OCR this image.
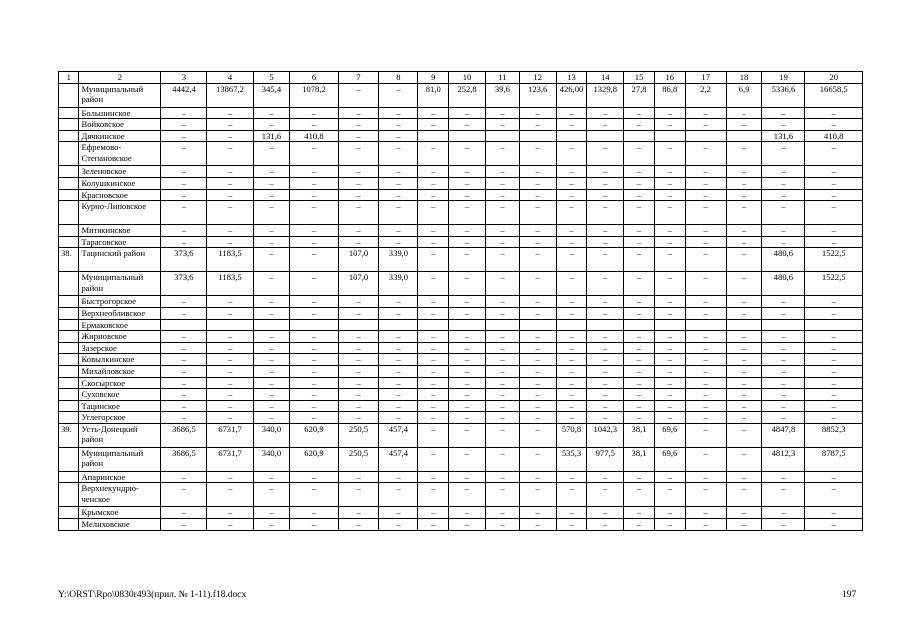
1	2	3	4	5	6	7	8	9	10	11	12	13	14	15	16	17	18	19	20
	Муниципальный район	4442,4	13867,2	345,4	1078,2	–	–	81,0	252,8	39,6	123,6	426,00	1329,8	27,8	86,8	2,2	6,9	5336,6	16658,5
	Большинское	–	–	–	–	–	–	–	–	–	–	–	–	–	–	–	–	–	–
	Войковское	–	–	–	–	–	–	–	–	–	–	–	–	–	–	–	–	–	–
	Дячкинское	–	–	131,6	410,8	–	–											131,6	410,8
	Ефремово-Степановское	–	–	–	–	–	–	–	–	–	–	–	–	–	–	–	–	–	–
	Зеленовское	–	–	–	–	–	–	–	–	–	–	–	–	–	–	–	–	–	–
	Колушкинское	–	–	–	–	–	–	–	–	–	–	–	–	–	–	–	–	–	–
	Красновское	–	–	–	–	–	–	–	–	–	–	–	–	–	–	–	–	–	–
	Курно-Липовское	–	–	–	–	–	–	–	–	–	–	–	–	–	–	–	–	–	–
	Митякинское	–	–	–	–	–	–	–	–	–	–	–	–	–	–	–	–	–	–
	Тарасовское	–	–	–	–	–	–	–	–	–	–	–	–	–	–	–	–	–	–
38.	Тацинский район	373,6	1183,5	–	–	107,0	339,0	–	–	–	–	–	–	–	–	–	–	480,6	1522,5
	Муниципальный район	373,6	1183,5	–	–	107,0	339,0	–	–	–	–	–	–	–	–	–	–	480,6	1522,5
	Быстрогорское	–	–	–	–	–	–	–	–	–	–	–	–	–	–	–	–	–	–
	Верхнеобливское	–	–	–	–	–	–	–	–	–	–	–	–	–	–	–	–	–	–
	Ермаковское																		
	Жирновское	–	–	–	–	–	–	–	–	–	–	–	–	–	–	–	–	–	–
	Зазерское	–	–	–	–	–	–	–	–	–	–	–	–	–	–	–	–	–	–
	Ковылкинское	–	–	–	–	–	–	–	–	–	–	–	–	–	–	–	–	–	–
	Михайловское	–	–	–	–	–	–	–	–	–	–	–	–	–	–	–	–	–	–
	Скосырское	–	–	–	–	–	–	–	–	–	–	–	–	–	–	–	–	–	–
	Суховское	–	–	–	–	–	–	–	–	–	–	–	–	–	–	–	–	–	–
	Тацинское	–	–	–	–	–	–	–	–	–	–	–	–	–	–	–	–	–	–
	Углегорское	–	–	–	–	–	–	–	–	–	–	–	–	–	–	–	–	–	–
39.	Усть-Донецкий район	3686,5	6731,7	340,0	620,9	250,5	457,4	–	–	–	–	570,8	1042,3	38,1	69,6	–	–	4847,8	8852,3
	Муниципальный район	3686,5	6731,7	340,0	620,9	250,5	457,4	–	–	–	–	535,3	977,5	38,1	69,6	–	–	4812,3	8787,5
	Апаринское	–	–	–	–	–	–	–	–	–	–	–	–	–	–	–	–	–	–
	Верхнекундрю-ченское	–	–	–	–	–	–	–	–	–	–	–	–	–	–	–	–	–	–
	Крымское	–	–	–	–	–	–	–	–	–	–	–	–	–	–	–	–	–	–
	Мелиховское	–	–	–	–	–	–	–	–	–	–	–	–	–	–	–	–	–	–
Y:\ORST\Rpo\0830r493(прил. № 1-11).f18.docx	197
